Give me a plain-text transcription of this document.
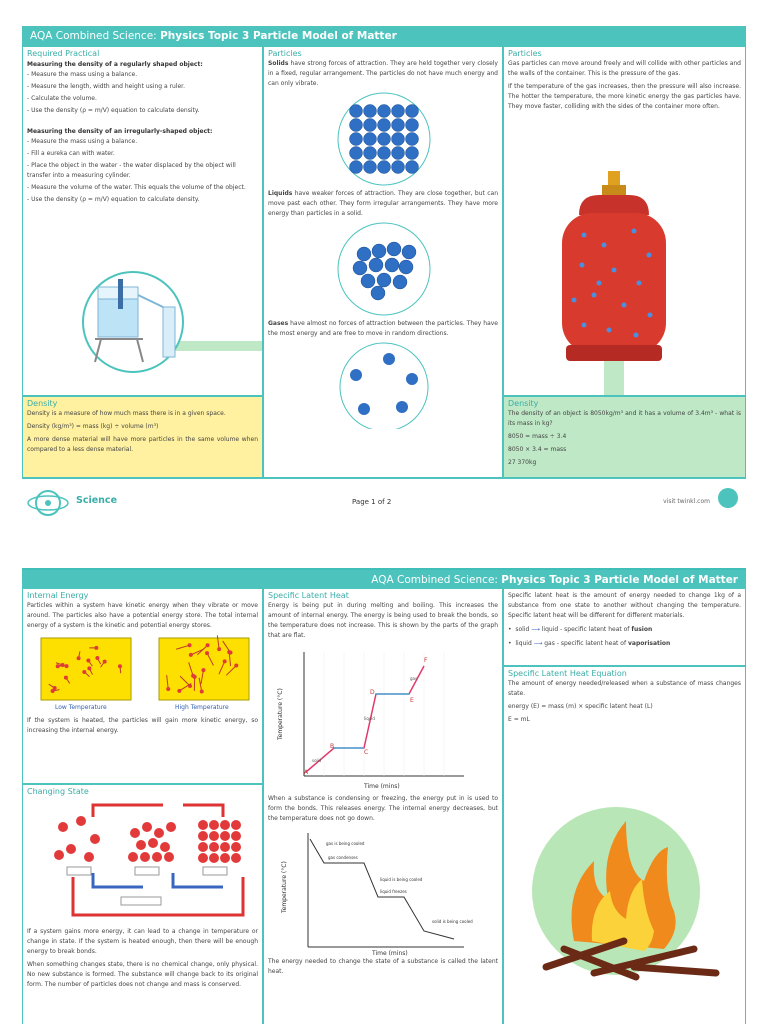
AQA Combined Science: Physics Topic 3 Particle Model of Matter
Required Practical
Measuring the density of a regularly shaped object:
- Measure the mass using a balance.
- Measure the length, width and height using a ruler.
- Calculate the volume.
- Use the density (ρ = m/V) equation to calculate density.
Measuring the density of an irregularly-shaped object:
- Measure the mass using a balance.
- Fill a eureka can with water.
- Place the object in the water - the water displaced by the object will transfer into a measuring cylinder.
- Measure the volume of the water. This equals the volume of the object.
- Use the density (ρ = m/V) equation to calculate density.
Particles
Solids have strong forces of attraction. They are held together very closely in a fixed, regular arrangement. The particles do not have much energy and can only vibrate.
Liquids have weaker forces of attraction. They are close together, but can move past each other. They form irregular arrangements. They have more energy than particles in a solid.
Gases have almost no forces of attraction between the particles. They have the most energy and are free to move in random directions.
Particles

Gas particles can move around freely and will collide with other particles and the walls of the container. This is the pressure of the gas.

If the temperature of the gas increases, then the pressure will also increase. The hotter the temperature, the more kinetic energy the gas particles have. They move faster, colliding with the sides of the container more often.

Density

Density is a measure of how much mass there is in a given space.

Density (kg/m³) = mass (kg) ÷ volume (m³)

A more dense material will have more particles in the same volume when compared to a less dense material.

Density

The density of an object is 8050kg/m³ and it has a volume of 3.4m³ - what is its mass in kg?

8050 = mass ÷ 3.4

8050 × 3.4 = mass

27 370kg

Science	Page 1 of 2	visit twinkl.com
AQA Combined Science: Physics Topic 3 Particle Model of Matter
Internal Energy

Particles within a system have kinetic energy when they vibrate or move around. The particles also have a potential energy store. The total internal energy of a system is the kinetic and potential energy stores.

Low Temperature	High Temperature

If the system is heated, the particles will gain more kinetic energy, so increasing the internal energy.

Changing State

If a system gains more energy, it can lead to a change in temperature or change in state. If the system is heated enough, then there will be enough energy to break bonds.

When something changes state, there is no chemical change, only physical. No new substance is formed. The substance will change back to its original form. The number of particles does not change and mass is conserved.

Specific Latent Heat

Energy is being put in during melting and boiling. This increases the amount of internal energy. The energy is being used to break the bonds, so the temperature does not increase. This is shown by the parts of the graph that are flat.

A
B
C
D
E
F
solid
liquid
gas
Temperature (°C)
Time (mins)

When a substance is condensing or freezing, the energy put in is used to form the bonds. This releases energy. The internal energy decreases, but the temperature does not go down.

gas is being cooled
gas condenses
liquid is being cooled
liquid freezes
solid is being cooled
Temperature (°C)
Time (mins)

The energy needed to change the state of a substance is called the latent heat.

Specific latent heat is the amount of energy needed to change 1kg of a substance from one state to another without changing the temperature. Specific latent heat will be different for different materials.

•  solid ⟶ liquid - specific latent heat of fusion
•  liquid ⟶ gas - specific latent heat of vaporisation
Specific Latent Heat Equation

The amount of energy needed/released when a substance of mass changes state.

energy (E) = mass (m) × specific latent heat (L)

E = mL
